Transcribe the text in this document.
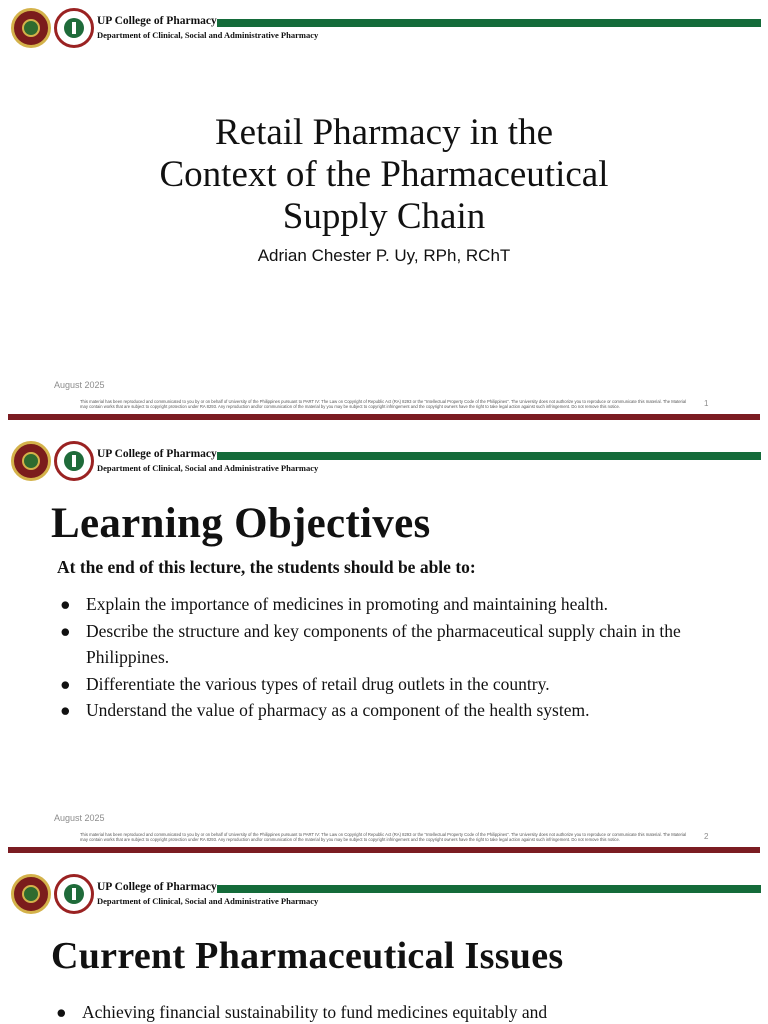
UP College of Pharmacy
Department of Clinical, Social and Administrative Pharmacy
Retail Pharmacy in the
Context of the Pharmaceutical
Supply Chain
Adrian Chester P. Uy, RPh, RChT
August 2025
This material has been reproduced and communicated to you by or on behalf of University of the Philippines pursuant to PART IV: The Law on Copyright of Republic Act (RA) 8293 or the "Intellectual Property Code of the Philippines". The University does not authorize you to reproduce or communicate this material. The Material may contain works that are subject to copyright protection under RA 8293. Any reproduction and/or communication of the material by you may be subject to copyright infringement and the copyright owners have the right to take legal action against such infringement. Do not remove this notice.	1
UP College of Pharmacy
Department of Clinical, Social and Administrative Pharmacy
Learning Objectives
At the end of this lecture, the students should be able to:
● Explain the importance of medicines in promoting and maintaining health.
● Describe the structure and key components of the pharmaceutical supply chain in the Philippines.
● Differentiate the various types of retail drug outlets in the country.
● Understand the value of pharmacy as a component of the health system.
August 2025
This material has been reproduced and communicated to you by or on behalf of University of the Philippines pursuant to PART IV: The Law on Copyright of Republic Act (RA) 8293 or the "Intellectual Property Code of the Philippines". The University does not authorize you to reproduce or communicate this material. The Material may contain works that are subject to copyright protection under RA 8293. Any reproduction and/or communication of the material by you may be subject to copyright infringement and the copyright owners have the right to take legal action against such infringement. Do not remove this notice.	2
UP College of Pharmacy
Department of Clinical, Social and Administrative Pharmacy
Current Pharmaceutical Issues
● Achieving financial sustainability to fund medicines equitably and
